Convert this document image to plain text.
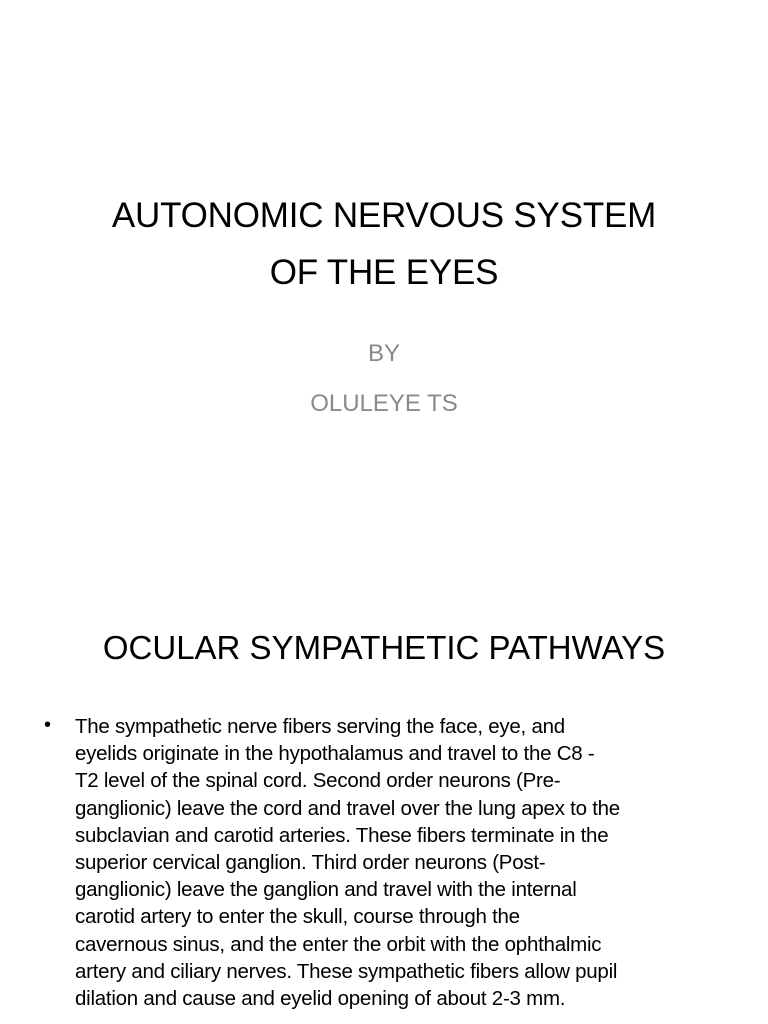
AUTONOMIC NERVOUS SYSTEM
OF THE EYES
BY
OLULEYE TS
OCULAR SYMPATHETIC PATHWAYS
• The sympathetic nerve fibers serving the face, eye, and
eyelids originate in the hypothalamus and travel to the C8 -
T2 level of the spinal cord. Second order neurons (Pre-
ganglionic) leave the cord and travel over the lung apex to the
subclavian and carotid arteries. These fibers terminate in the
superior cervical ganglion. Third order neurons (Post-
ganglionic) leave the ganglion and travel with the internal
carotid artery to enter the skull, course through the
cavernous sinus, and the enter the orbit with the ophthalmic
artery and ciliary nerves. These sympathetic fibers allow pupil
dilation and cause and eyelid opening of about 2-3 mm.
